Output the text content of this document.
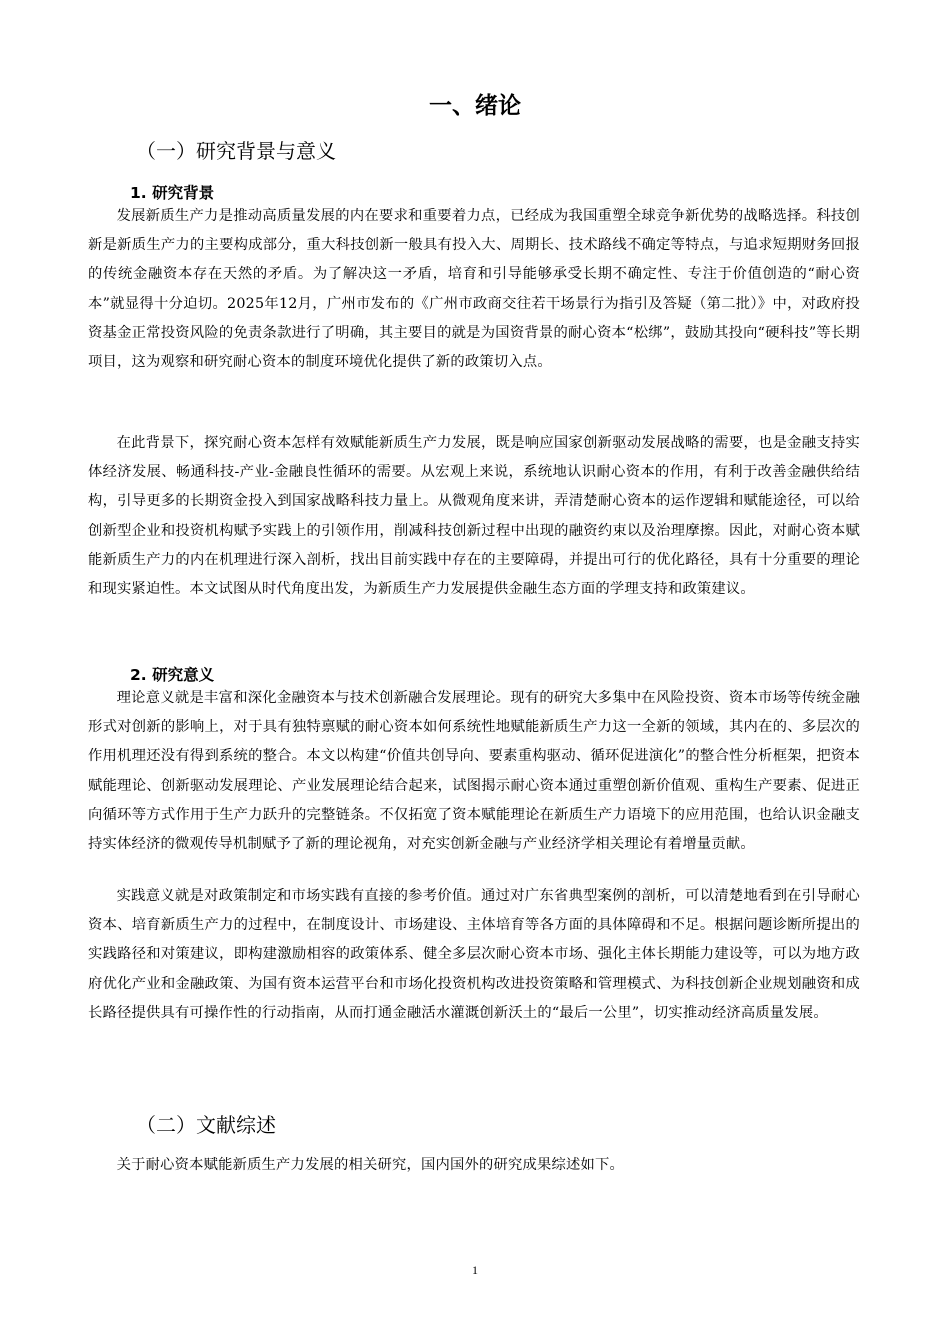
一、绪论
（一）研究背景与意义
1. 研究背景

发展新质生产力是推动高质量发展的内在要求和重要着力点，已经成为我国重塑全球竞争新优势的战略选择。科技创新是新质生产力的主要构成部分，重大科技创新一般具有投入大、周期长、技术路线不确定等特点，与追求短期财务回报的传统金融资本存在天然的矛盾。为了解决这一矛盾，培育和引导能够承受长期不确定性、专注于价值创造的“耐心资本”就显得十分迫切。2025年12月，广州市发布的《广州市政商交往若干场景行为指引及答疑（第二批）》中，对政府投资基金正常投资风险的免责条款进行了明确，其主要目的就是为国资背景的耐心资本“松绑”，鼓励其投向“硬科技”等长期项目，这为观察和研究耐心资本的制度环境优化提供了新的政策切入点。

在此背景下，探究耐心资本怎样有效赋能新质生产力发展，既是响应国家创新驱动发展战略的需要，也是金融支持实体经济发展、畅通科技-产业-金融良性循环的需要。从宏观上来说，系统地认识耐心资本的作用，有利于改善金融供给结构，引导更多的长期资金投入到国家战略科技力量上。从微观角度来讲，弄清楚耐心资本的运作逻辑和赋能途径，可以给创新型企业和投资机构赋予实践上的引领作用，削减科技创新过程中出现的融资约束以及治理摩擦。因此，对耐心资本赋能新质生产力的内在机理进行深入剖析，找出目前实践中存在的主要障碍，并提出可行的优化路径，具有十分重要的理论和现实紧迫性。本文试图从时代角度出发，为新质生产力发展提供金融生态方面的学理支持和政策建议。

2. 研究意义

理论意义就是丰富和深化金融资本与技术创新融合发展理论。现有的研究大多集中在风险投资、资本市场等传统金融形式对创新的影响上，对于具有独特禀赋的耐心资本如何系统性地赋能新质生产力这一全新的领域，其内在的、多层次的作用机理还没有得到系统的整合。本文以构建“价值共创导向、要素重构驱动、循环促进演化”的整合性分析框架，把资本赋能理论、创新驱动发展理论、产业发展理论结合起来，试图揭示耐心资本通过重塑创新价值观、重构生产要素、促进正向循环等方式作用于生产力跃升的完整链条。不仅拓宽了资本赋能理论在新质生产力语境下的应用范围，也给认识金融支持实体经济的微观传导机制赋予了新的理论视角，对充实创新金融与产业经济学相关理论有着增量贡献。

实践意义就是对政策制定和市场实践有直接的参考价值。通过对广东省典型案例的剖析，可以清楚地看到在引导耐心资本、培育新质生产力的过程中，在制度设计、市场建设、主体培育等各方面的具体障碍和不足。根据问题诊断所提出的实践路径和对策建议，即构建激励相容的政策体系、健全多层次耐心资本市场、强化主体长期能力建设等，可以为地方政府优化产业和金融政策、为国有资本运营平台和市场化投资机构改进投资策略和管理模式、为科技创新企业规划融资和成长路径提供具有可操作性的行动指南，从而打通金融活水灌溉创新沃土的“最后一公里”，切实推动经济高质量发展。

（二）文献综述

关于耐心资本赋能新质生产力发展的相关研究，国内国外的研究成果综述如下。

1
